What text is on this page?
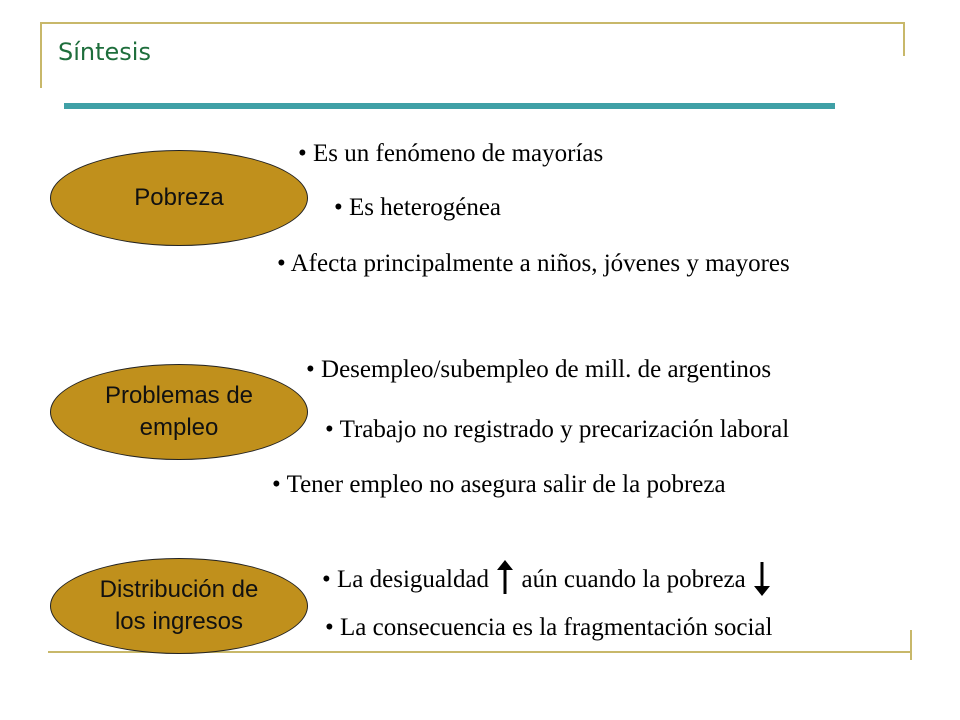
Síntesis
Pobreza
• Es un fenómeno de mayorías
• Es heterogénea
• Afecta principalmente a niños, jóvenes y mayores
Problemas de
empleo
• Desempleo/subempleo de mill. de argentinos
• Trabajo no registrado y precarización laboral
• Tener empleo no asegura salir de la pobreza
Distribución de
los ingresos
• La desigualdad aún cuando la pobreza
• La consecuencia es la fragmentación social
